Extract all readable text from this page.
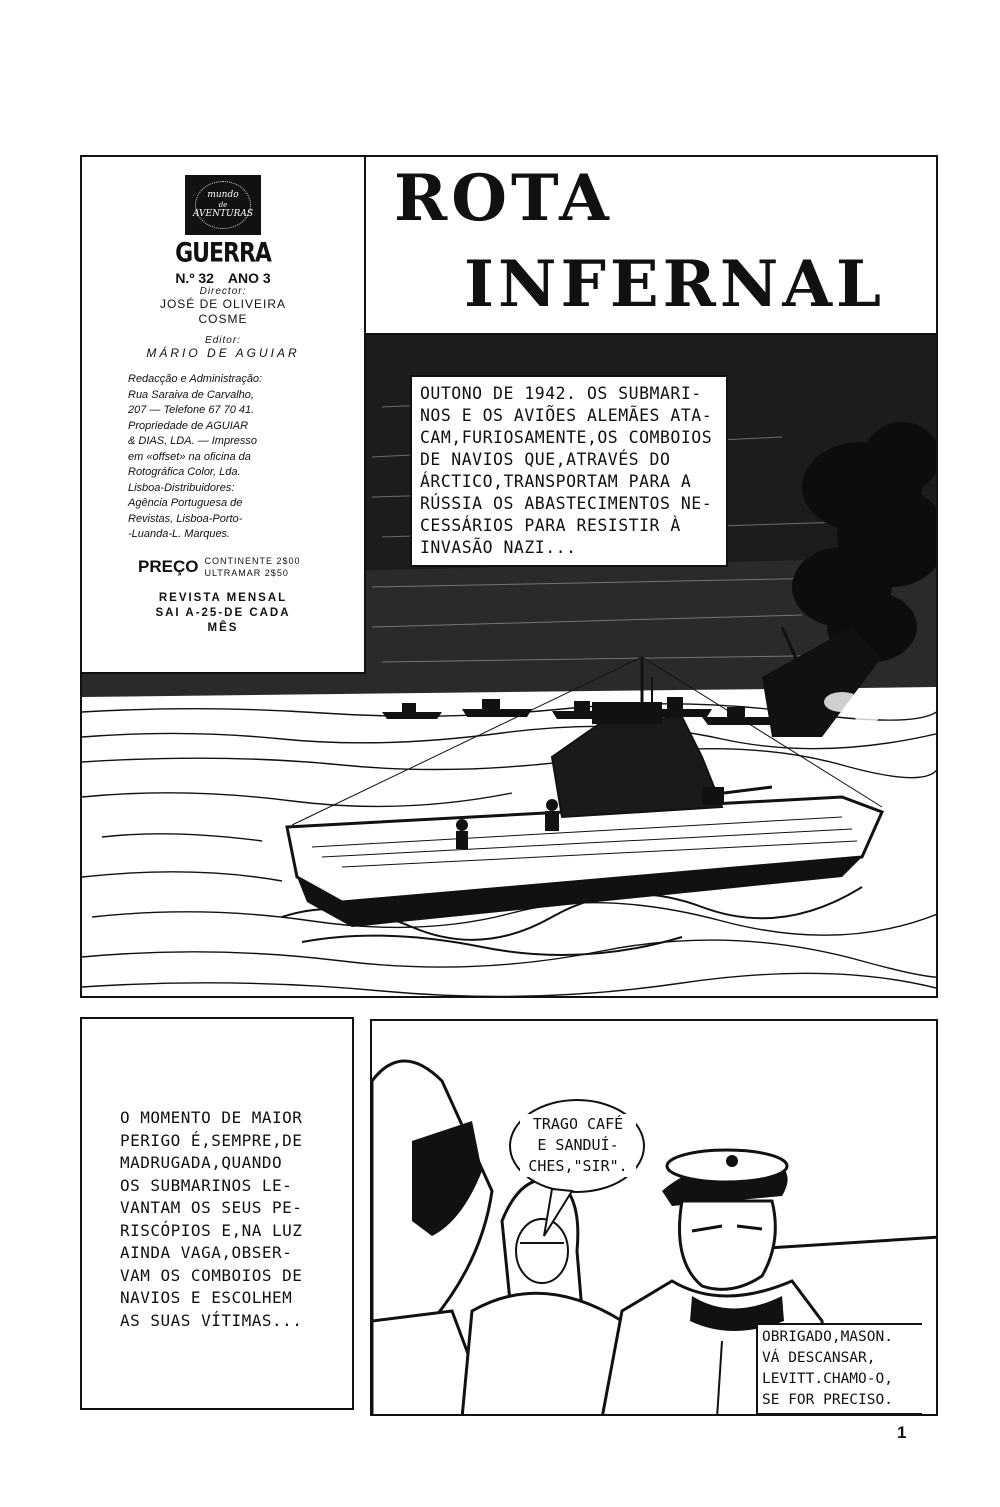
mundo
de
AVENTURAS
GUERRA
N.º 32 ANO 3
Director:
JOSÉ DE OLIVEIRA
COSME
Editor:
MÁRIO DE AGUIAR
Redacção e Administração:
Rua Saraiva de Carvalho,
207 — Telefone 67 70 41.
Propriedade de AGUIAR
& DIAS, LDA. — Impresso
em «offset» na oficina da
Rotográfica Color, Lda.
Lisboa-Distribuidores:
Agência Portuguesa de
Revistas, Lisboa-Porto-
-Luanda-L. Marques.
PREÇO CONTINENTE 2$00
ULTRAMAR 2$50
REVISTA MENSAL
SAI A-25-DE CADA
MÊS
ROTA
INFERNAL
OUTONO DE 1942. OS SUBMARI-
NOS E OS AVIÕES ALEMÃES ATA-
CAM,FURIOSAMENTE,OS COMBOIOS
DE NAVIOS QUE,ATRAVÉS DO
ÁRCTICO,TRANSPORTAM PARA A
RÚSSIA OS ABASTECIMENTOS NE-
CESSÁRIOS PARA RESISTIR À
INVASÃO NAZI...
O MOMENTO DE MAIOR
PERIGO É,SEMPRE,DE
MADRUGADA,QUANDO
OS SUBMARINOS LE-
VANTAM OS SEUS PE-
RISCÓPIOS E,NA LUZ
AINDA VAGA,OBSER-
VAM OS COMBOIOS DE
NAVIOS E ESCOLHEM
AS SUAS VÍTIMAS...
TRAGO CAFÉ
E SANDUÍ-
CHES,"SIR".
OBRIGADO,MASON.
VÁ DESCANSAR,
LEVITT.CHAMO-O,
SE FOR PRECISO.
1
